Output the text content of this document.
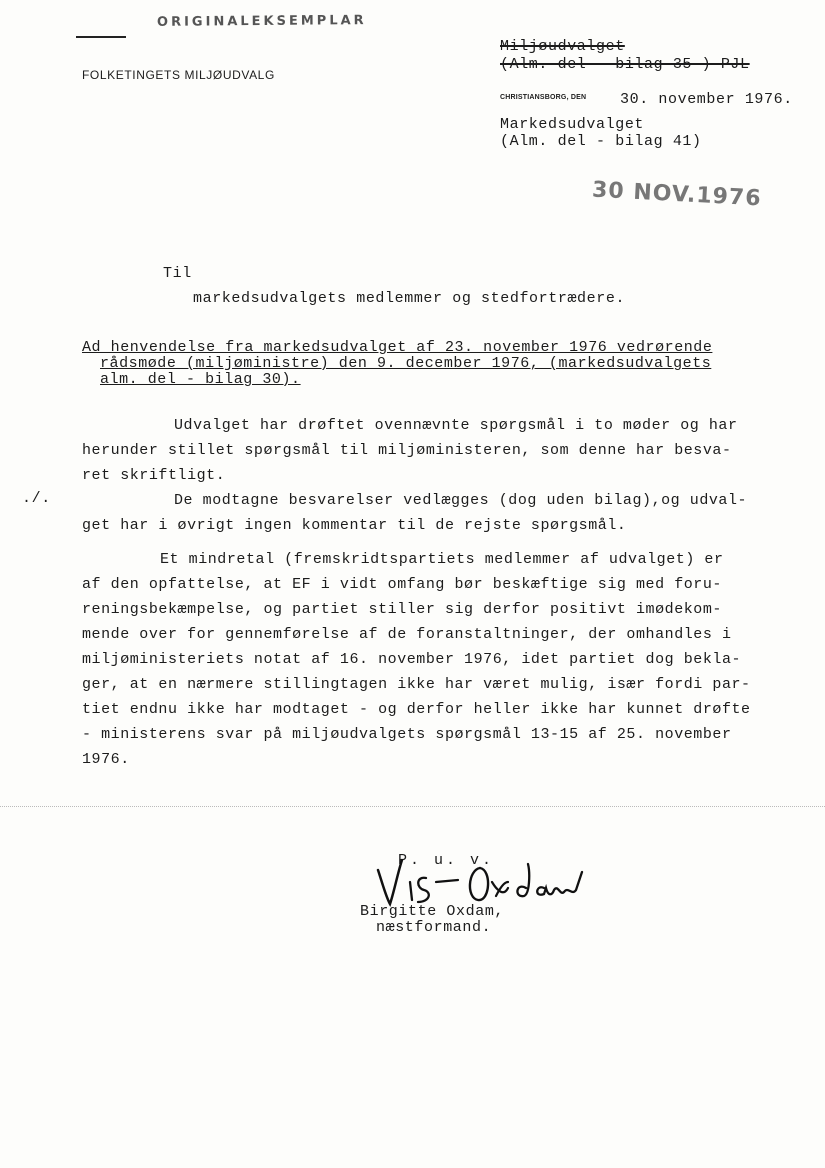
ORIGINALEKSEMPLAR
FOLKETINGETS MILJØUDVALG
Miljøudvalget
(Alm. del - bilag 35 ) PJL
CHRISTIANSBORG, DEN 30. november 1976.
Markedsudvalget
(Alm. del - bilag 41)
30 NOV.1976
Til
markedsudvalgets medlemmer og stedfortrædere.

Ad henvendelse fra markedsudvalget af 23. november 1976 vedrørende

rådsmøde (miljøministre) den 9. december 1976, (markedsudvalgets

alm. del - bilag 30).

Udvalget har drøftet ovennævnte spørgsmål i to møder og har

herunder stillet spørgsmål til miljøministeren, som denne har besva-

ret skriftligt.

./.	De modtagne besvarelser vedlægges (dog uden bilag),og udval-

get har i øvrigt ingen kommentar til de rejste spørgsmål.

Et mindretal (fremskridtspartiets medlemmer af udvalget) er

af den opfattelse, at EF i vidt omfang bør beskæftige sig med foru-

reningsbekæmpelse, og partiet stiller sig derfor positivt imødekom-

mende over for gennemførelse af de foranstaltninger, der omhandles i

miljøministeriets notat af 16. november 1976, idet partiet dog bekla-

ger, at en nærmere stillingtagen ikke har været mulig, især fordi par-

tiet endnu ikke har modtaget - og derfor heller ikke har kunnet drøfte

- ministerens svar på miljøudvalgets spørgsmål 13-15 af 25. november

1976.

P. u. v.
Birgitte Oxdam,
næstformand.
